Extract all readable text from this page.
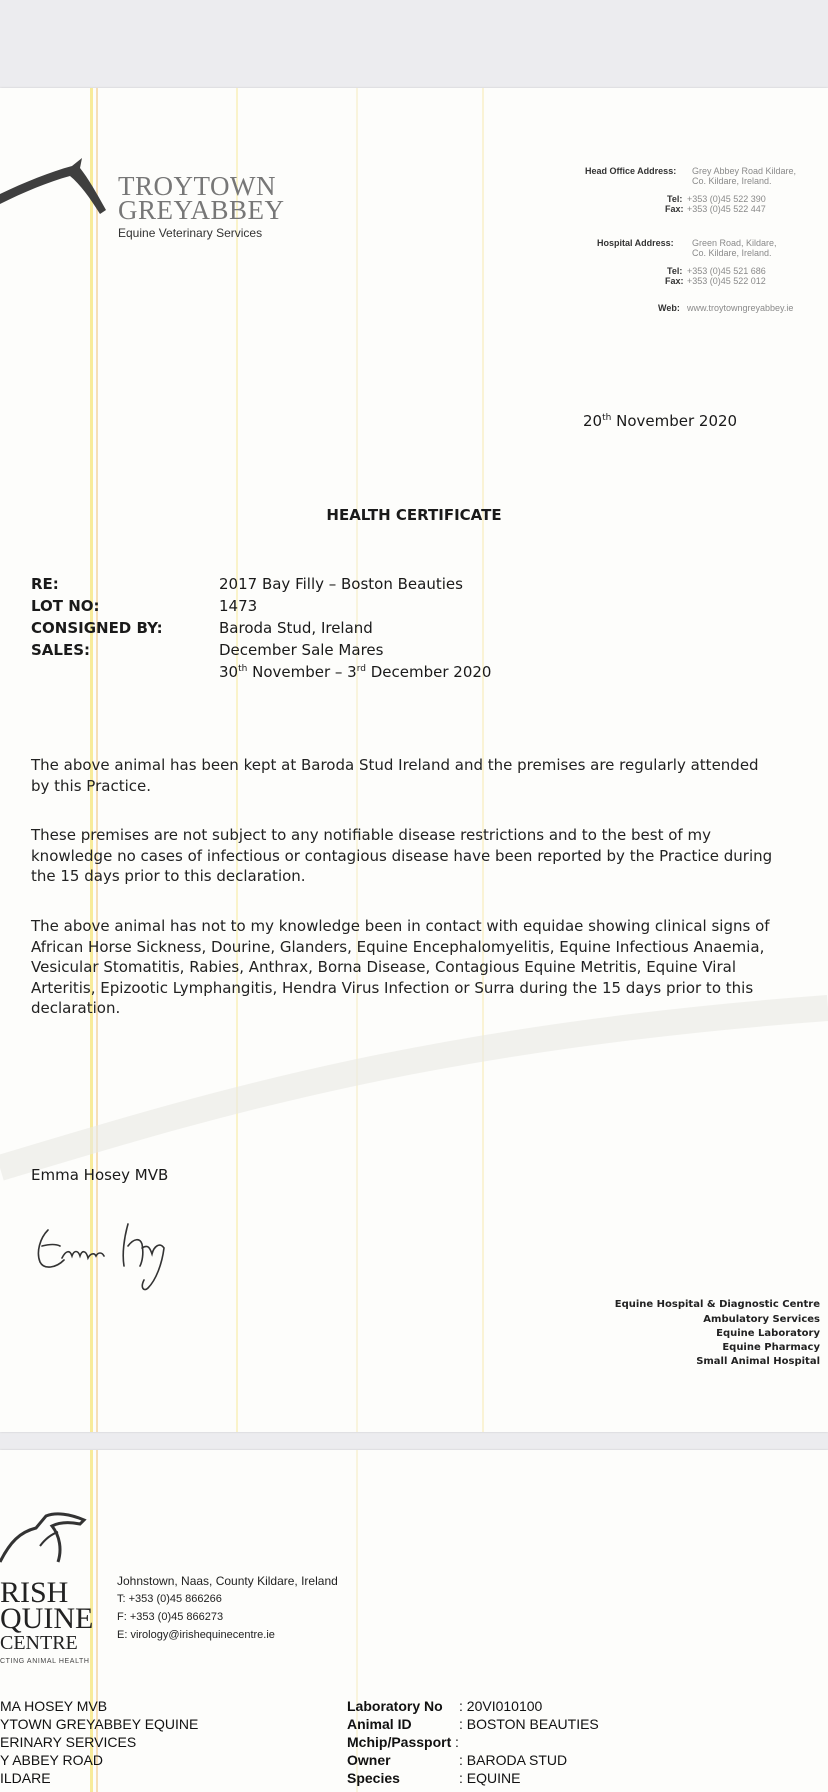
TROYTOWN
GREYABBEY
Equine Veterinary Services
Head Office Address: Grey Abbey Road Kildare,
Co. Kildare, Ireland.
Tel: +353 (0)45 522 390
Fax: +353 (0)45 522 447
Hospital Address: Green Road, Kildare,
Co. Kildare, Ireland.
Tel: +353 (0)45 521 686
Fax: +353 (0)45 522 012
Web: www.troytowngreyabbey.ie
20th November 2020
HEALTH CERTIFICATE
RE:	2017 Bay Filly – Boston Beauties
LOT NO:	1473
CONSIGNED BY:	Baroda Stud, Ireland
SALES:	December Sale Mares
30th November – 3rd December 2020
The above animal has been kept at Baroda Stud Ireland and the premises are regularly attended by this Practice.
These premises are not subject to any notifiable disease restrictions and to the best of my knowledge no cases of infectious or contagious disease have been reported by the Practice during the 15 days prior to this declaration.
The above animal has not to my knowledge been in contact with equidae showing clinical signs of African Horse Sickness, Dourine, Glanders, Equine Encephalomyelitis, Equine Infectious Anaemia, Vesicular Stomatitis, Rabies, Anthrax, Borna Disease, Contagious Equine Metritis, Equine Viral Arteritis, Epizootic Lymphangitis, Hendra Virus Infection or Surra during the 15 days prior to this declaration.
Emma Hosey MVB
Equine Hospital & Diagnostic Centre
Ambulatory Services
Equine Laboratory
Equine Pharmacy
Small Animal Hospital
RISH
QUINE
CENTRE
CTING ANIMAL HEALTH
Johnstown, Naas, County Kildare, Ireland
T: +353 (0)45 866266
F: +353 (0)45 866273
E: virology@irishequinecentre.ie
MA HOSEY MVB
YTOWN GREYABBEY EQUINE
ERINARY SERVICES
Y ABBEY ROAD
ILDARE
Laboratory No : 20VI010100
Animal ID	: BOSTON BEAUTIES
Mchip/Passport :
Owner	: BARODA STUD
Species	: EQUINE
